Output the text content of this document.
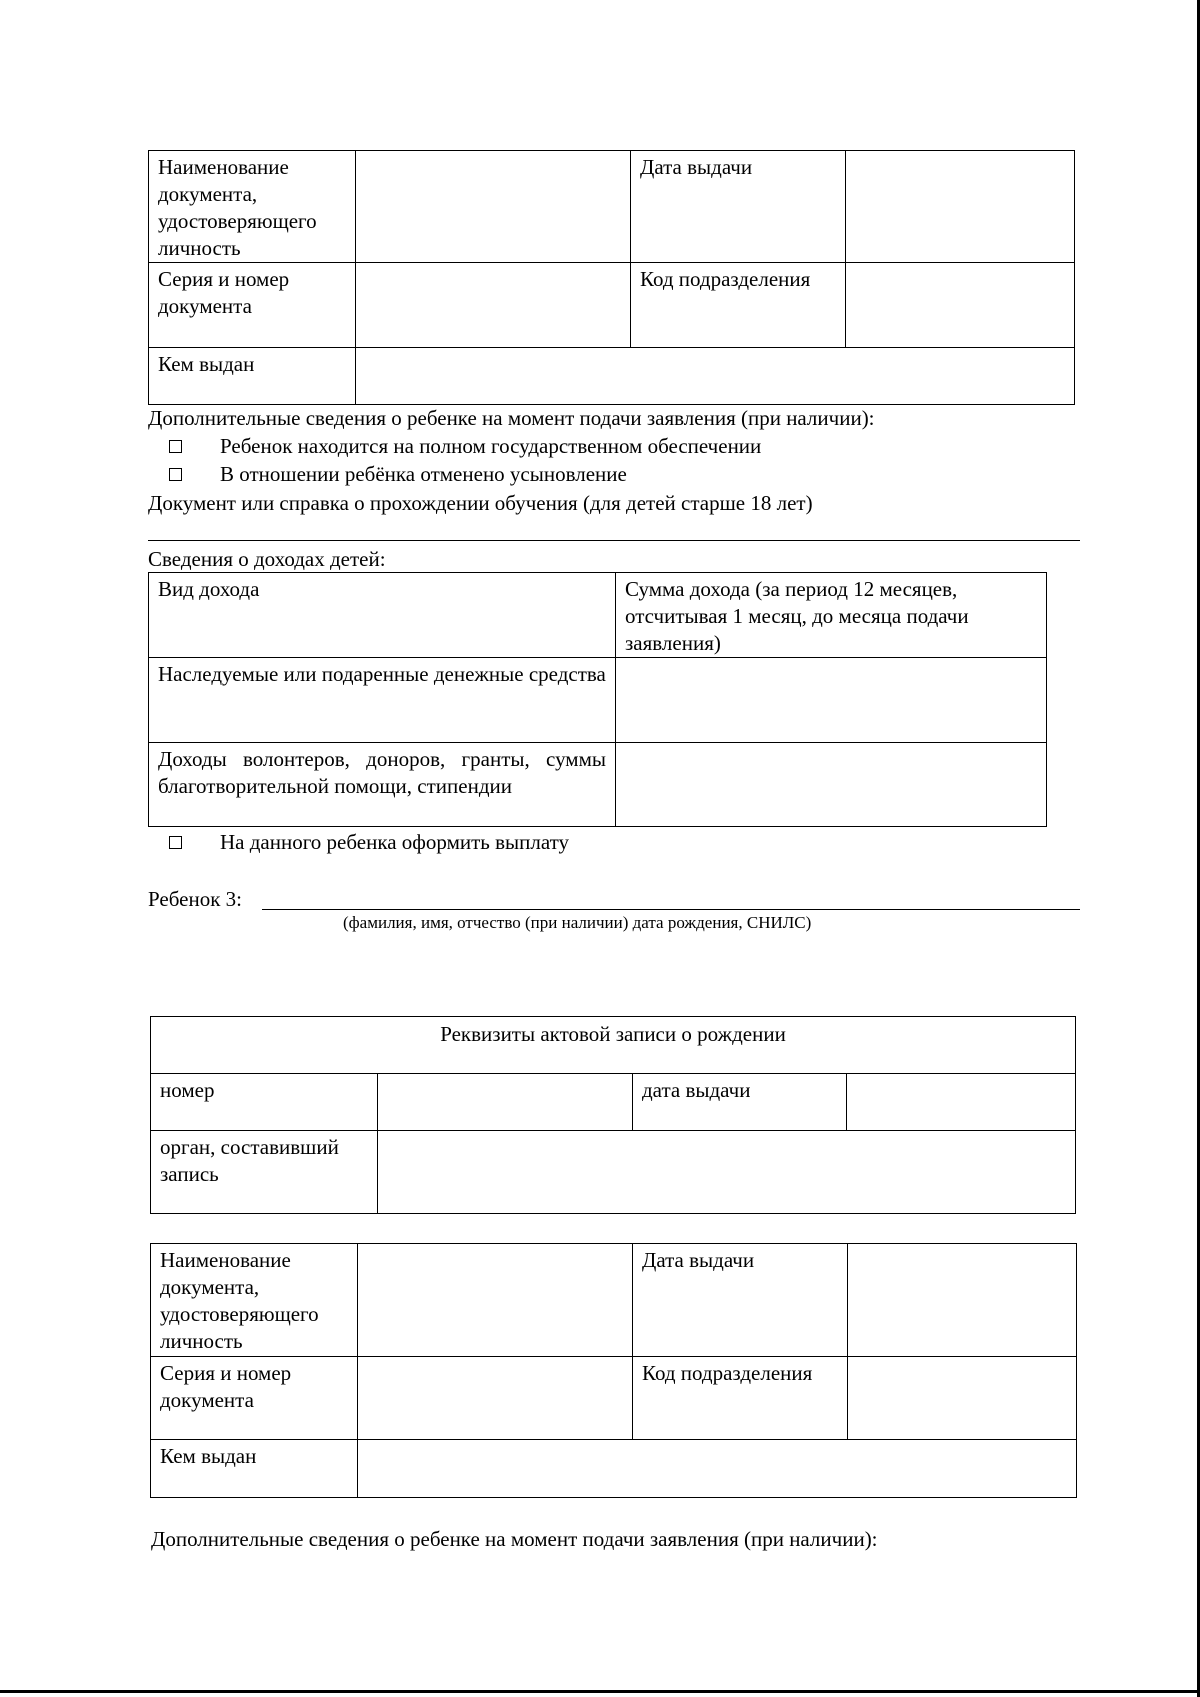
Наименование документа, удостоверяющего личность		Дата выдачи	
Серия и номер документа		Код подразделения	
Кем выдан			
Дополнительные сведения о ребенке на момент подачи заявления (при наличии):
Ребенок находится на полном государственном обеспечении
В отношении ребёнка отменено усыновление
Документ или справка о прохождении обучения (для детей старше 18 лет)
Сведения о доходах детей:
Вид дохода	Сумма дохода (за период 12 месяцев, отсчитывая 1 месяц, до месяца подачи заявления)
Наследуемые или подаренные денежные средства	
Доходы волонтеров, доноров, гранты, суммы благотворительной помощи, стипендии	
На данного ребенка оформить выплату
Ребенок 3:
(фамилия, имя, отчество (при наличии) дата рождения, СНИЛС)
Реквизиты актовой записи о рождении			
номер		дата выдачи	
орган, составивший запись			
Наименование документа, удостоверяющего личность		Дата выдачи	
Серия и номер документа		Код подразделения	
Кем выдан			
Дополнительные сведения о ребенке на момент подачи заявления (при наличии):
